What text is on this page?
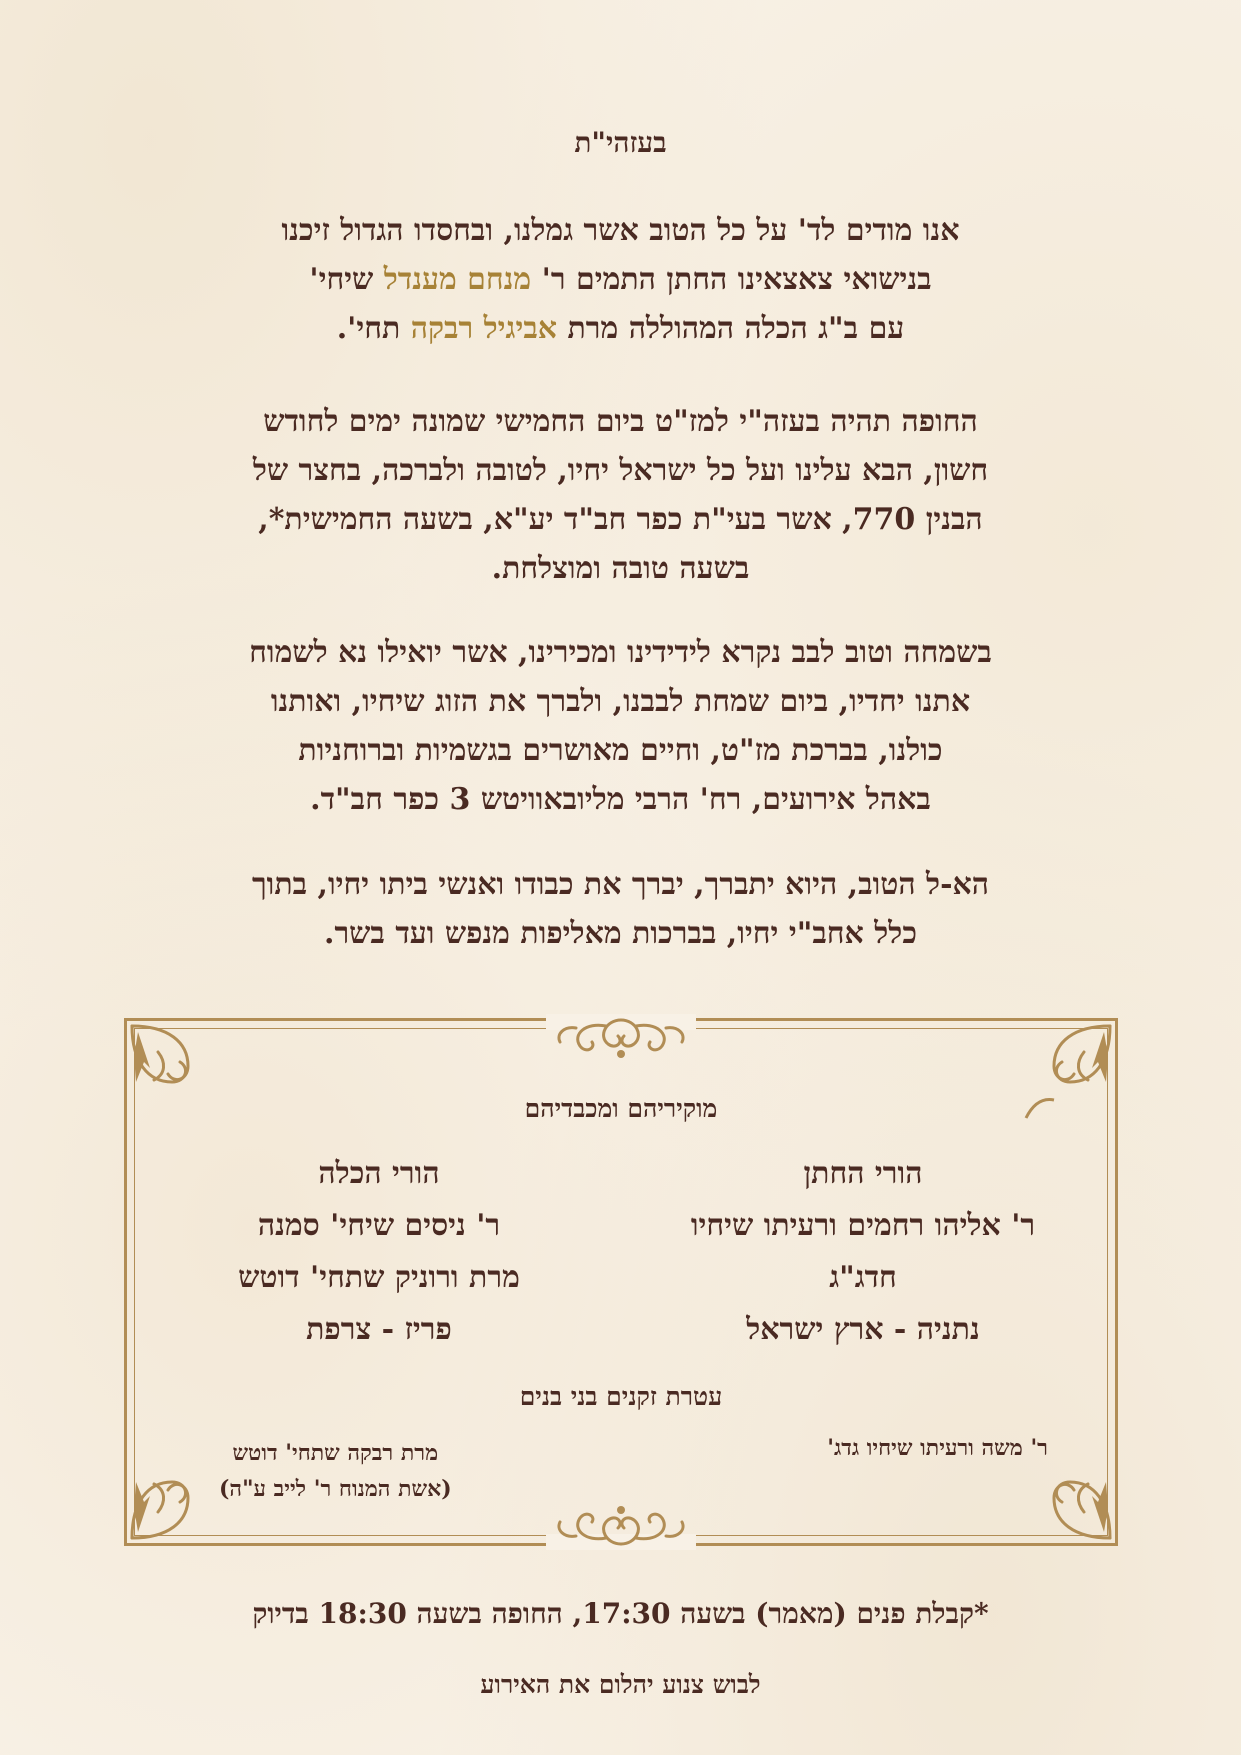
בעזהי"ת
אנו מודים לד' על כל הטוב אשר גמלנו, ובחסדו הגדול זיכנו
בנישואי צאצאינו החתן התמים ר' מנחם מענדל שיחי'
עם ב"ג הכלה המהוללה מרת אביגיל רבקה תחי'.
החופה תהיה בעזה"י למז"ט ביום החמישי שמונה ימים לחודש
חשון, הבא עלינו ועל כל ישראל יחיו, לטובה ולברכה, בחצר של
הבנין 770, אשר בעי"ת כפר חב"ד יע"א, בשעה החמישית*,
בשעה טובה ומוצלחת.
בשמחה וטוב לבב נקרא לידידינו ומכירינו, אשר יואילו נא לשמוח
אתנו יחדיו, ביום שמחת לבבנו, ולברך את הזוג שיחיו, ואותנו
כולנו, בברכת מז"ט, וחיים מאושרים בגשמיות וברוחניות
באהל אירועים, רח' הרבי מליובאוויטש 3 כפר חב"ד.
הא-ל הטוב, היוא יתברך, יברך את כבודו ואנשי ביתו יחיו, בתוך
כלל אחב"י יחיו, בברכות מאליפות מנפש ועד בשר.
מוקיריהם ומכבדיהם
הורי החתן
ר' אליהו רחמים ורעיתו שיחיו
חדג"ג
נתניה - ארץ ישראל
הורי הכלה
ר' ניסים שיחי' סמנה
מרת ורוניק שתחי' דוטש
פריז - צרפת
עטרת זקנים בני בנים
ר' משה ורעיתו שיחיו גדג'
מרת רבקה שתחי' דוטש
(אשת המנוח ר' לייב ע"ה)
*קבלת פנים (מאמר) בשעה 17:30, החופה בשעה 18:30 בדיוק
לבוש צנוע יהלום את האירוע
